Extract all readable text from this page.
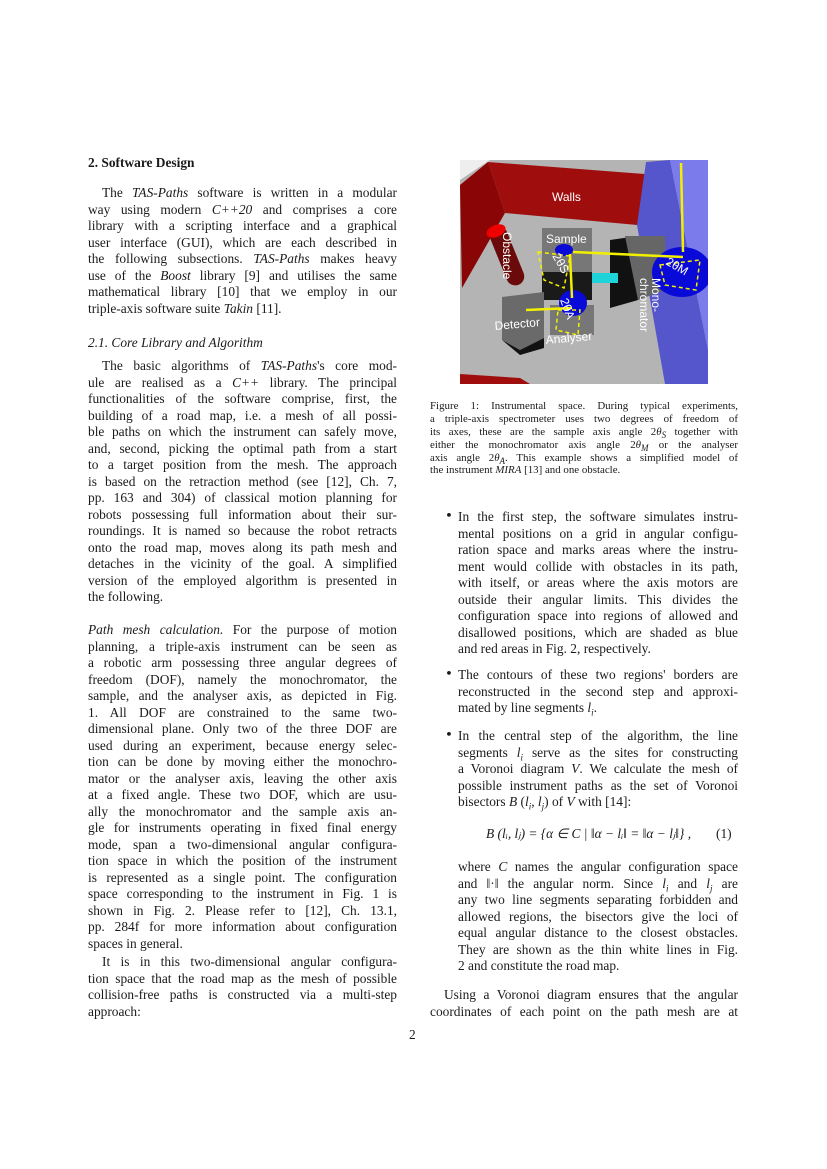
2. Software Design
The TAS-Paths software is written in a modular
way using modern C++20 and comprises a core
library with a scripting interface and a graphical
user interface (GUI), which are each described in
the following subsections. TAS-Paths makes heavy
use of the Boost library [9] and utilises the same
mathematical library [10] that we employ in our
triple-axis software suite Takin [11].
2.1. Core Library and Algorithm
The basic algorithms of TAS-Paths's core mod-
ule are realised as a C++ library. The principal
functionalities of the software comprise, first, the
building of a road map, i.e. a mesh of all possi-
ble paths on which the instrument can safely move,
and, second, picking the optimal path from a start
to a target position from the mesh. The approach
is based on the retraction method (see [12], Ch. 7,
pp. 163 and 304) of classical motion planning for
robots possessing full information about their sur-
roundings. It is named so because the robot retracts
onto the road map, moves along its path mesh and
detaches in the vicinity of the goal. A simplified
version of the employed algorithm is presented in
the following.
Path mesh calculation. For the purpose of motion
planning, a triple-axis instrument can be seen as
a robotic arm possessing three angular degrees of
freedom (DOF), namely the monochromator, the
sample, and the analyser axis, as depicted in Fig.
1. All DOF are constrained to the same two-
dimensional plane. Only two of the three DOF are
used during an experiment, because energy selec-
tion can be done by moving either the monochro-
mator or the analyser axis, leaving the other axis
at a fixed angle. These two DOF, which are usu-
ally the monochromator and the sample axis an-
gle for instruments operating in fixed final energy
mode, span a two-dimensional angular configura-
tion space in which the position of the instrument
is represented as a single point. The configuration
space corresponding to the instrument in Fig. 1 is
shown in Fig. 2. Please refer to [12], Ch. 13.1,
pp. 284f for more information about configuration
spaces in general.
It is in this two-dimensional angular configura-
tion space that the road map as the mesh of possible
collision-free paths is constructed via a multi-step
approach:
Walls
Sample
Obstacle
Detector
Analyser
Mono-
chromator
2θS
2θA
2θM
Figure 1: Instrumental space. During typical experiments,
a triple-axis spectrometer uses two degrees of freedom of
its axes, these are the sample axis angle $2\theta_S$ together with
either the monochromator axis angle $2\theta_M$ or the analyser
axis angle $2\theta_A$. This example shows a simplified model of
the instrument MIRA [13] and one obstacle.
In the first step, the software simulates instru-
mental positions on a grid in angular configu-
ration space and marks areas where the instru-
ment would collide with obstacles in its path,
with itself, or areas where the axis motors are
outside their angular limits. This divides the
configuration space into regions of allowed and
disallowed positions, which are shaded as blue
and red areas in Fig. 2, respectively.
The contours of these two regions' borders are
reconstructed in the second step and approxi-
mated by line segments $l_i$.
In the central step of the algorithm, the line
segments $l_i$ serve as the sites for constructing
a Voronoi diagram V. We calculate the mesh of
possible instrument paths as the set of Voronoi
bisectors B ($l_i$, $l_j$) of V with [14]:
•
•
•
B (lᵢ, lⱼ) = {α ∈ C | ‖α − lᵢ‖ = ‖α − lⱼ‖} , (1)
where C names the angular configuration space
and ‖·‖ the angular norm. Since $l_i$ and $l_j$ are
any two line segments separating forbidden and
allowed regions, the bisectors give the loci of
equal angular distance to the closest obstacles.
They are shown as the thin white lines in Fig.
2 and constitute the road map.
Using a Voronoi diagram ensures that the angular
coordinates of each point on the path mesh are at
2
